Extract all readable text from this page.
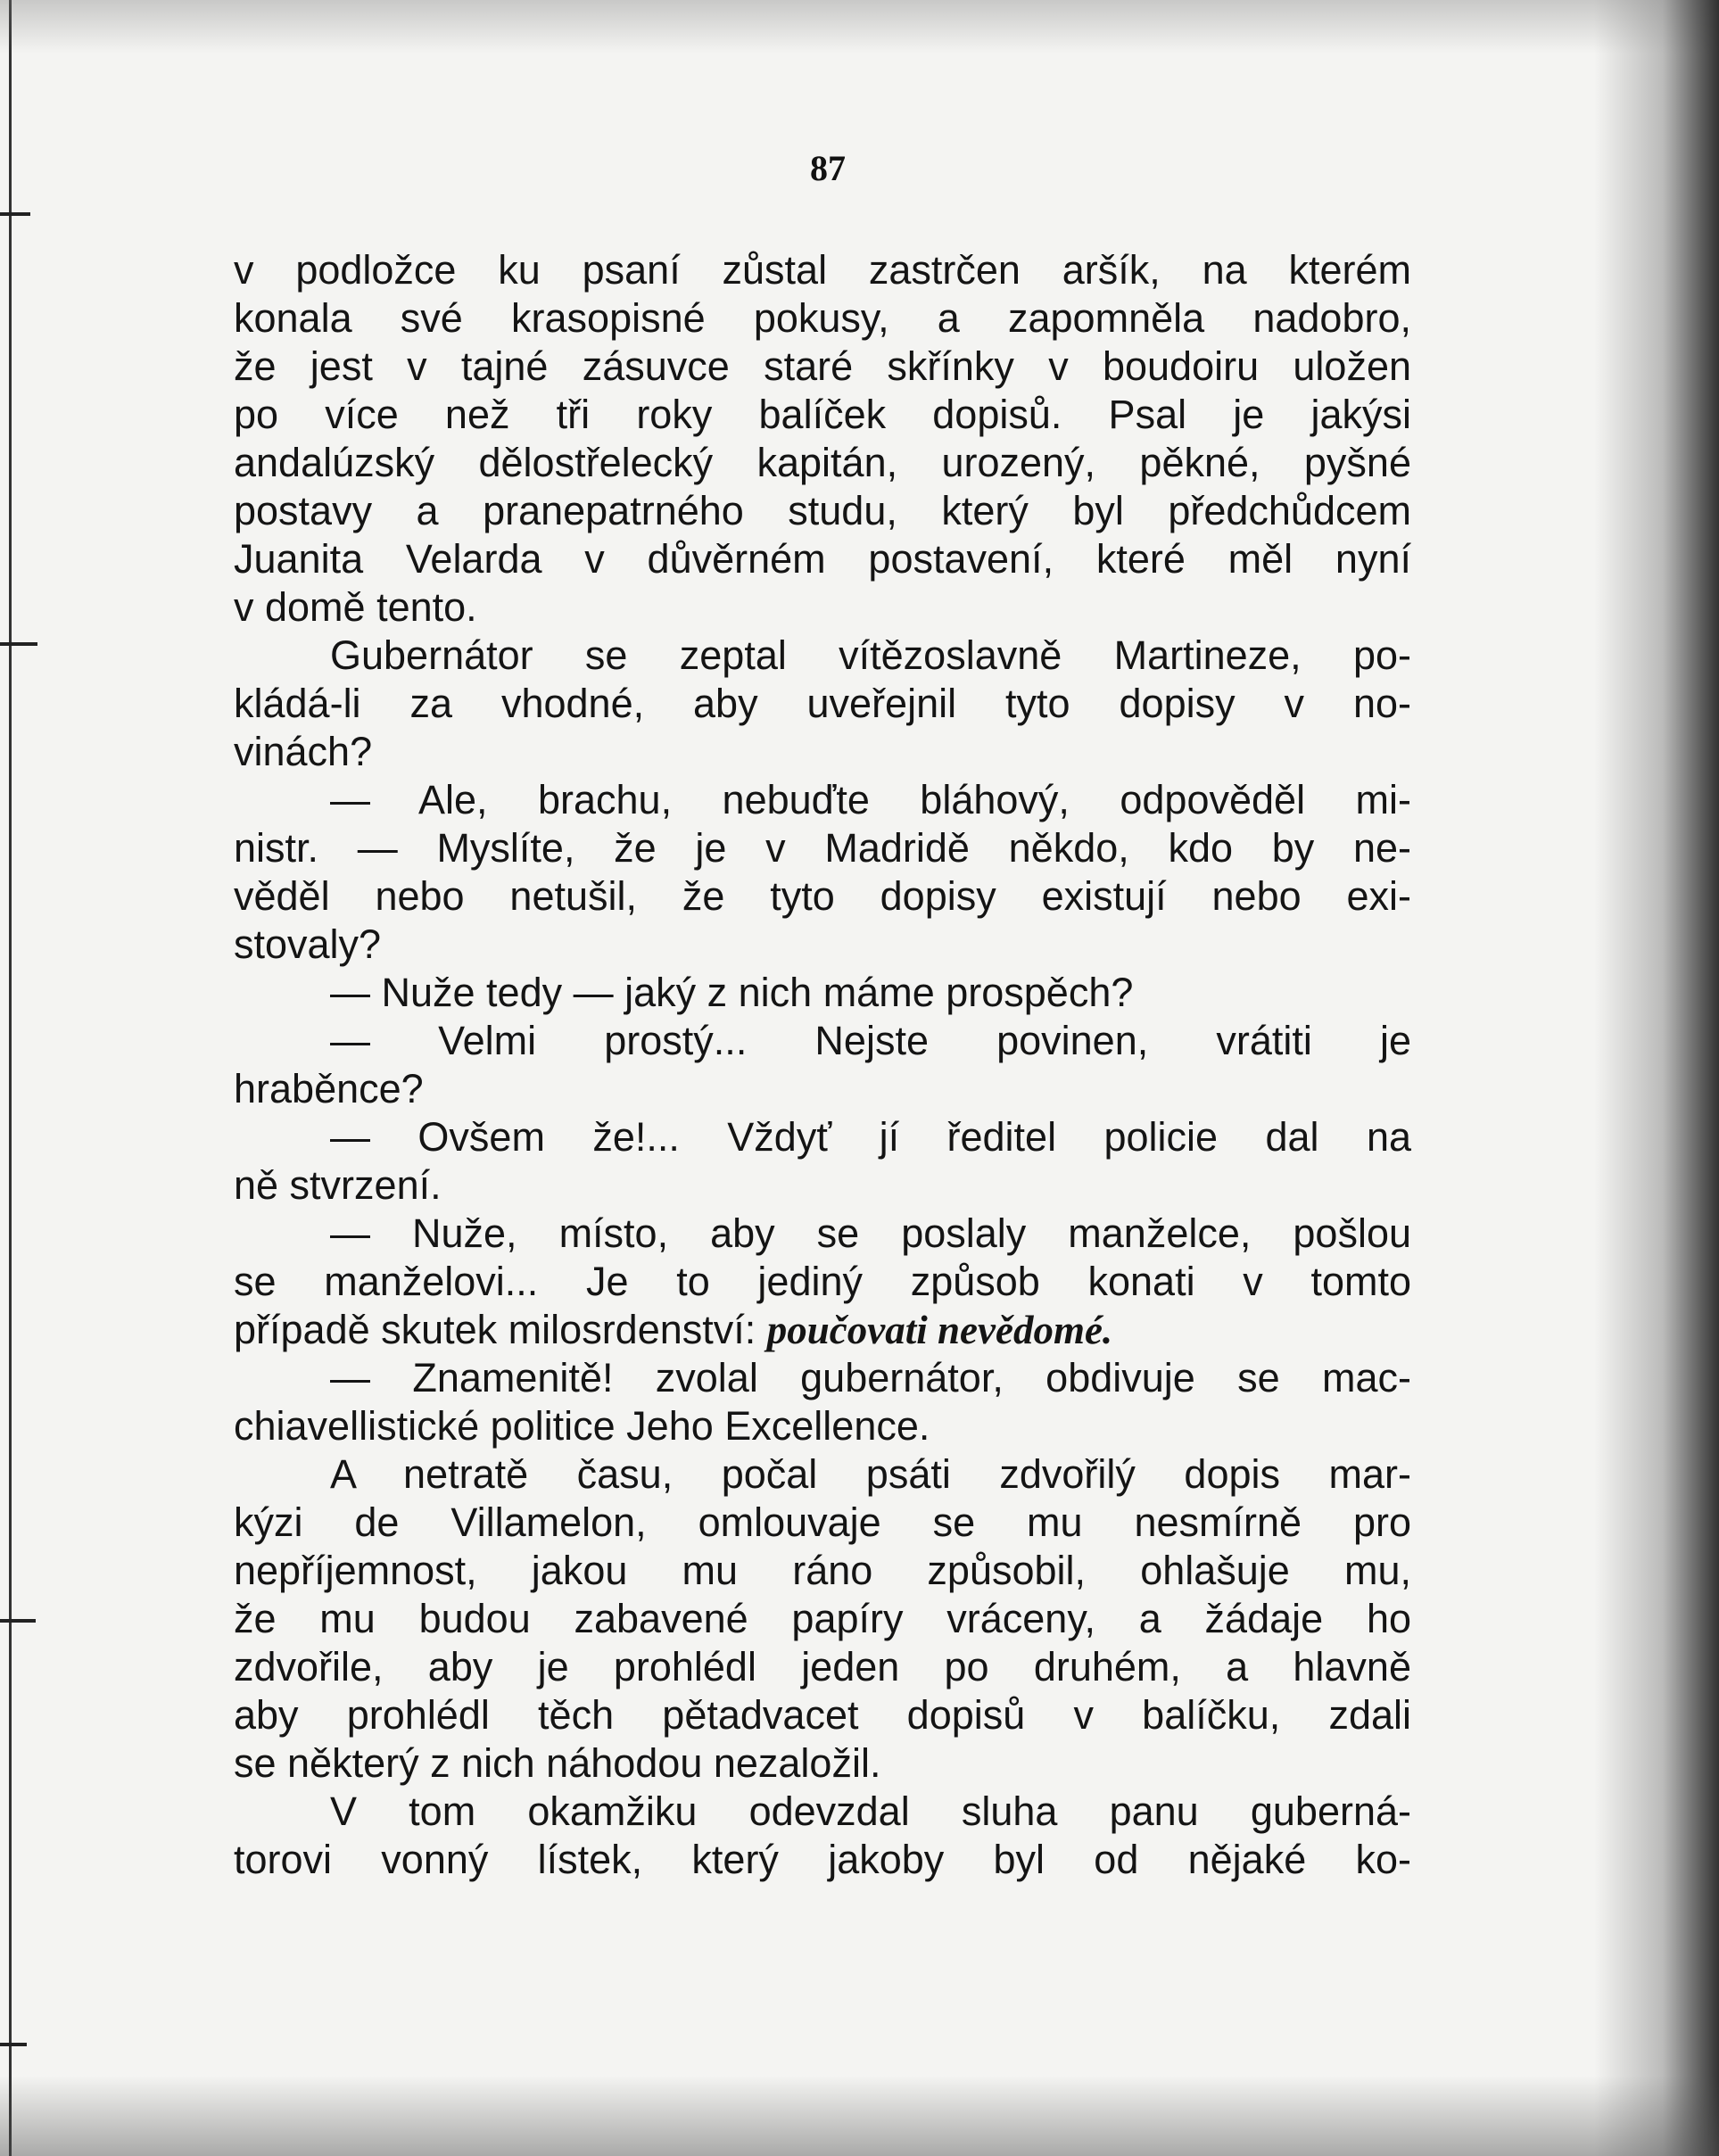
87
v podložce ku psaní zůstal zastrčen aršík, na kterém
konala své krasopisné pokusy, a zapomněla nadobro,
že jest v tajné zásuvce staré skřínky v boudoiru uložen
po více než tři roky balíček dopisů. Psal je jakýsi
andalúzský dělostřelecký kapitán, urozený, pěkné, pyšné
postavy a pranepatrného studu, který byl předchůdcem
Juanita Velarda v důvěrném postavení, které měl nyní
v domě tento.
Gubernátor se zeptal vítězoslavně Martineze, po-
kládá-li za vhodné, aby uveřejnil tyto dopisy v no-
vinách?
— Ale, brachu, nebuďte bláhový, odpověděl mi-
nistr. — Myslíte, že je v Madridě někdo, kdo by ne-
věděl nebo netušil, že tyto dopisy existují nebo exi-
stovaly?
— Nuže tedy — jaký z nich máme prospěch?
— Velmi prostý... Nejste povinen, vrátiti je
hraběnce?
— Ovšem že!... Vždyť jí ředitel policie dal na
ně stvrzení.
— Nuže, místo, aby se poslaly manželce, pošlou
se manželovi... Je to jediný způsob konati v tomto
případě skutek milosrdenství: poučovati nevědomé.
— Znamenitě! zvolal gubernátor, obdivuje se mac-
chiavellistické politice Jeho Excellence.
A netratě času, počal psáti zdvořilý dopis mar-
kýzi de Villamelon, omlouvaje se mu nesmírně pro
nepříjemnost, jakou mu ráno způsobil, ohlašuje mu,
že mu budou zabavené papíry vráceny, a žádaje ho
zdvořile, aby je prohlédl jeden po druhém, a hlavně
aby prohlédl těch pětadvacet dopisů v balíčku, zdali
se některý z nich náhodou nezaložil.
V tom okamžiku odevzdal sluha panu guberná-
torovi vonný lístek, který jakoby byl od nějaké ko-
